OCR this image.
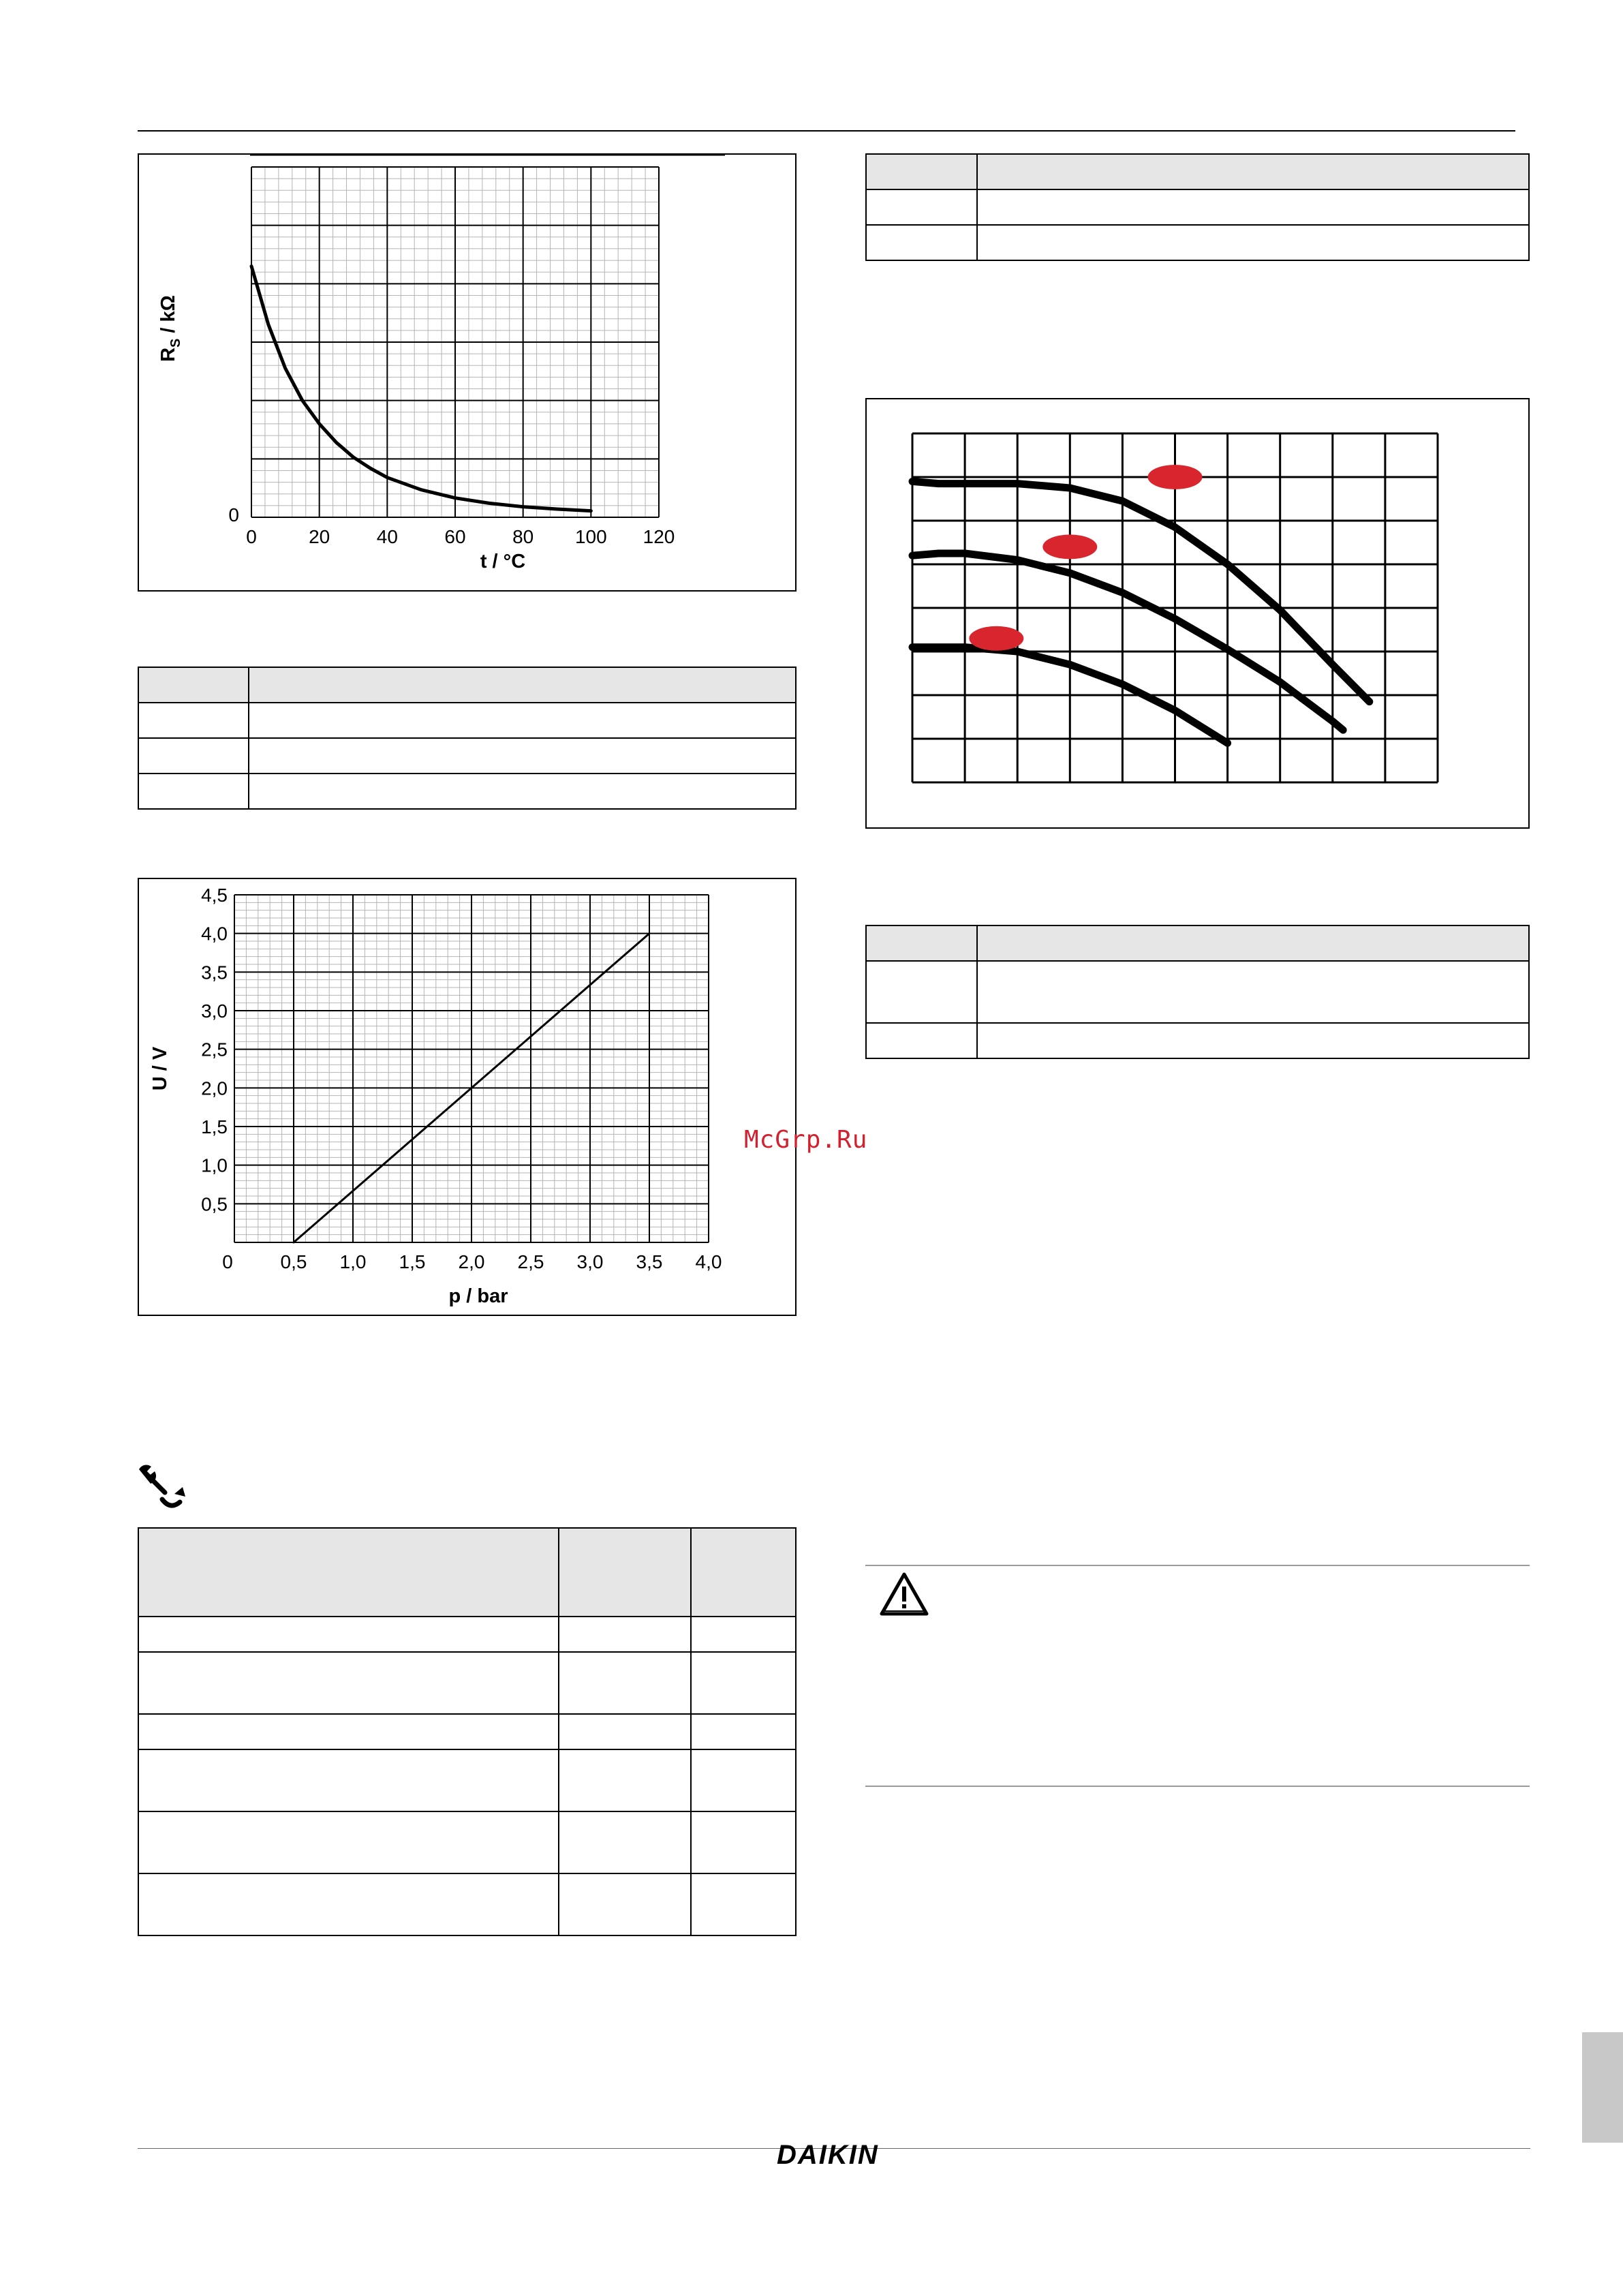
0	20 40 60 80 100 120
0
t / °C
$R_S$ / kΩ

0 0,5 1,0 1,5 2,0 2,5 3,0 3,5 4,0
0,5
1,0
1,5
2,0
2,5
3,0
3,5
4,0
4,5
p / bar
U / V

McGrp.Ru
DAIKIN
